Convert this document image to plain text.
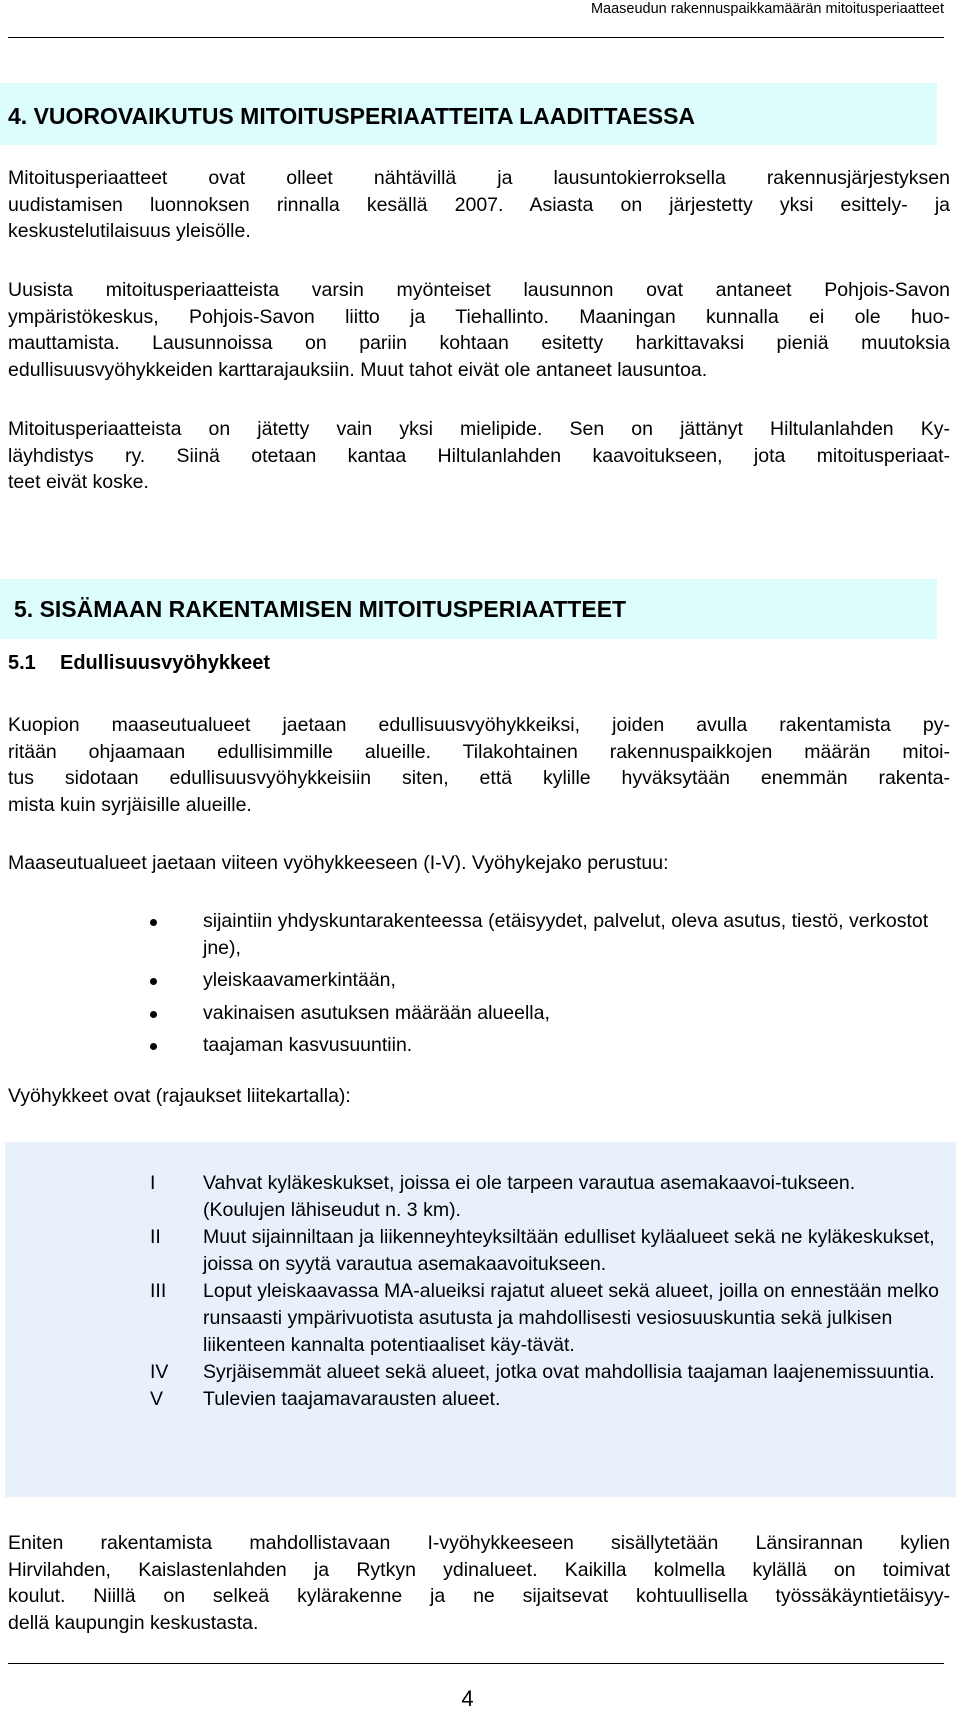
Maaseudun rakennuspaikkamäärän mitoitusperiaatteet
4. VUOROVAIKUTUS MITOITUSPERIAATTEITA LAADITTAESSA

Mitoitusperiaatteet ovat olleet nähtävillä ja lausuntokierroksella rakennusjärjestyksen
uudistamisen luonnoksen rinnalla kesällä 2007. Asiasta on järjestetty yksi esittely- ja
keskustelutilaisuus yleisölle.

Uusista mitoitusperiaatteista varsin myönteiset lausunnon ovat antaneet Pohjois-Savon
ympäristökeskus, Pohjois-Savon liitto ja Tiehallinto. Maaningan kunnalla ei ole huo-
mauttamista. Lausunnoissa on pariin kohtaan esitetty harkittavaksi pieniä muutoksia
edullisuusvyöhykkeiden karttarajauksiin. Muut tahot eivät ole antaneet lausuntoa.

Mitoitusperiaatteista on jätetty vain yksi mielipide. Sen on jättänyt Hiltulanlahden Ky-
läyhdistys ry. Siinä otetaan kantaa Hiltulanlahden kaavoitukseen, jota mitoitusperiaat-
teet eivät koske.

5. SISÄMAAN RAKENTAMISEN MITOITUSPERIAATTEET

5.1 Edullisuusvyöhykkeet

Kuopion maaseutualueet jaetaan edullisuusvyöhykkeiksi, joiden avulla rakentamista py-
ritään ohjaamaan edullisimmille alueille. Tilakohtainen rakennuspaikkojen määrän mitoi-
tus sidotaan edullisuusvyöhykkeisiin siten, että kylille hyväksytään enemmän rakenta-
mista kuin syrjäisille alueille.

Maaseutualueet jaetaan viiteen vyöhykkeeseen (I-V). Vyöhykejako perustuu:

sijaintiin yhdyskuntarakenteessa (etäisyydet, palvelut, oleva asutus, tiestö, verkostot jne),
yleiskaavamerkintään,
vakinaisen asutuksen määrään alueella,
taajaman kasvusuuntiin.

Vyöhykkeet ovat (rajaukset liitekartalla):

I Vahvat kyläkeskukset, joissa ei ole tarpeen varautua asemakaavoi-tukseen. (Koulujen lähiseudut n. 3 km).
II Muut sijainniltaan ja liikenneyhteyksiltään edulliset kyläalueet sekä ne kyläkeskukset, joissa on syytä varautua asemakaavoitukseen.
III Loput yleiskaavassa MA-alueiksi rajatut alueet sekä alueet, joilla on ennestään melko runsaasti ympärivuotista asutusta ja mahdollisesti vesiosuuskuntia sekä julkisen liikenteen kannalta potentiaaliset käy-tävät.
IV Syrjäisemmät alueet sekä alueet, jotka ovat mahdollisia taajaman laajenemissuuntia.
V Tulevien taajamavarausten alueet.

Eniten rakentamista mahdollistavaan I-vyöhykkeeseen sisällytetään Länsirannan kylien
Hirvilahden, Kaislastenlahden ja Rytkyn ydinalueet. Kaikilla kolmella kylällä on toimivat
koulut. Niillä on selkeä kylärakenne ja ne sijaitsevat kohtuullisella työssäkäyntietäisyy-
dellä kaupungin keskustasta.

4
